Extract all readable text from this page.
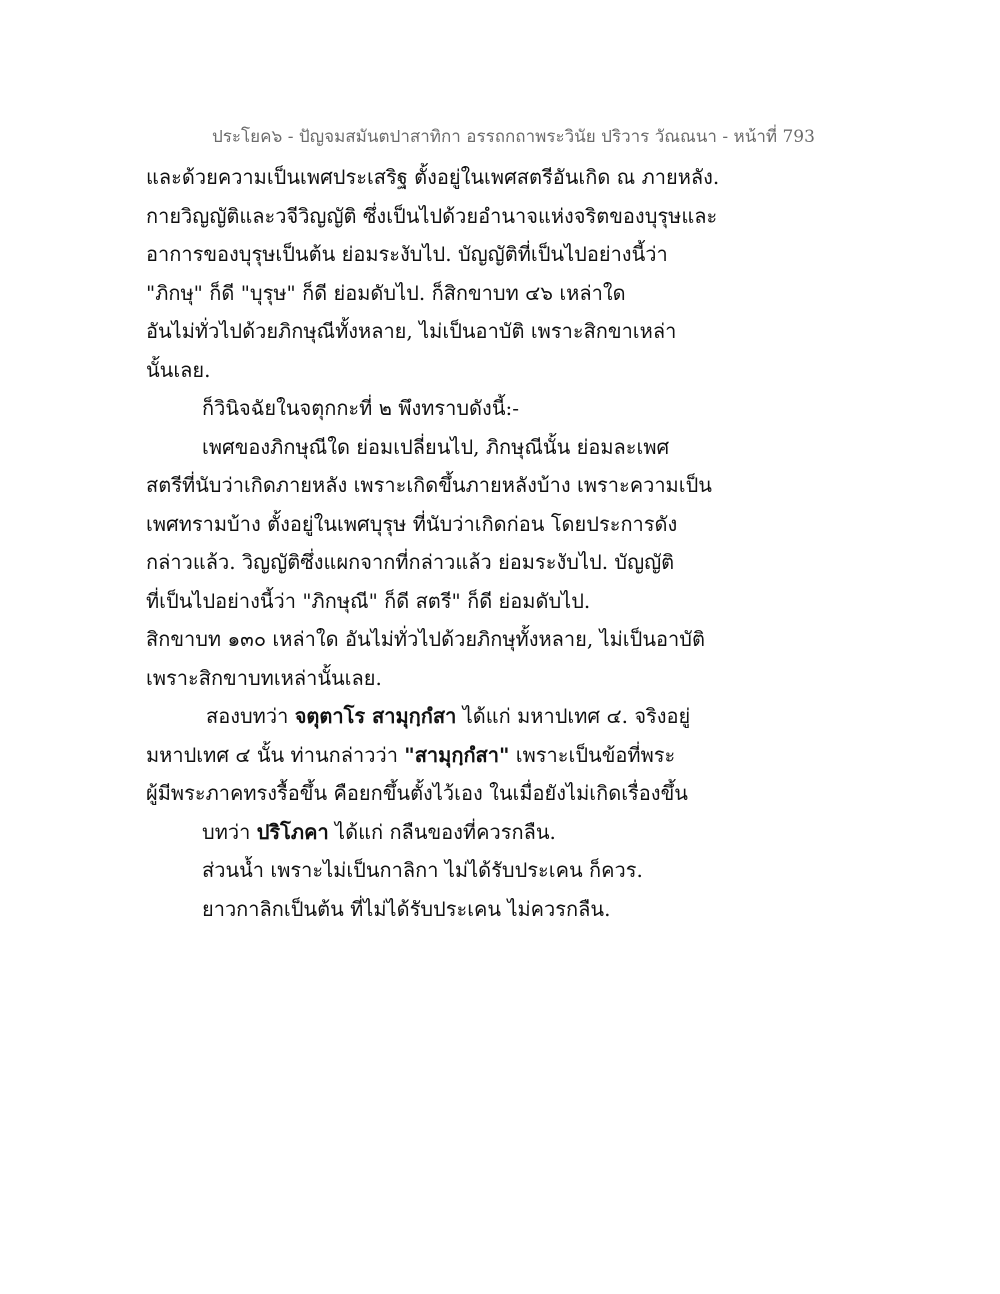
ประโยค๖ - ปัญจมสมันตปาสาทิกา อรรถกถาพระวินัย ปริวาร วัณณนา - หน้าที่ 793
และด้วยความเป็นเพศประเสริฐ ตั้งอยู่ในเพศสตรีอันเกิด ณ ภายหลัง.
กายวิญญัติและวจีวิญญัติ ซึ่งเป็นไปด้วยอำนาจแห่งจริตของบุรุษและ
อาการของบุรุษเป็นต้น ย่อมระงับไป. บัญญัติที่เป็นไปอย่างนี้ว่า
"ภิกษุ" ก็ดี "บุรุษ" ก็ดี ย่อมดับไป. ก็สิกขาบท ๔๖ เหล่าใด
อันไม่ทั่วไปด้วยภิกษุณีทั้งหลาย, ไม่เป็นอาบัติ เพราะสิกขาเหล่า
นั้นเลย.
ก็วินิจฉัยในจตุกกะที่ ๒ พึงทราบดังนี้:-
เพศของภิกษุณีใด ย่อมเปลี่ยนไป, ภิกษุณีนั้น ย่อมละเพศ
สตรีที่นับว่าเกิดภายหลัง เพราะเกิดขึ้นภายหลังบ้าง เพราะความเป็น
เพศทรามบ้าง ตั้งอยู่ในเพศบุรุษ ที่นับว่าเกิดก่อน โดยประการดัง
กล่าวแล้ว. วิญญัติซึ่งแผกจากที่กล่าวแล้ว ย่อมระงับไป. บัญญัติ
ที่เป็นไปอย่างนี้ว่า "ภิกษุณี" ก็ดี สตรี" ก็ดี ย่อมดับไป.
สิกขาบท ๑๓๐ เหล่าใด อันไม่ทั่วไปด้วยภิกษุทั้งหลาย, ไม่เป็นอาบัติ
เพราะสิกขาบทเหล่านั้นเลย.
สองบทว่า จตุตาโร สามุกฺกํสา ได้แก่ มหาปเทศ ๔. จริงอยู่
มหาปเทศ ๔ นั้น ท่านกล่าวว่า "สามุกฺกํสา" เพราะเป็นข้อที่พระ
ผู้มีพระภาคทรงรื้อขึ้น คือยกขึ้นตั้งไว้เอง ในเมื่อยังไม่เกิดเรื่องขึ้น
บทว่า ปริโภคา ได้แก่ กลืนของที่ควรกลืน.
ส่วนน้ำ เพราะไม่เป็นกาลิกา ไม่ได้รับประเคน ก็ควร.
ยาวกาลิกเป็นต้น ที่ไม่ได้รับประเคน ไม่ควรกลืน.
